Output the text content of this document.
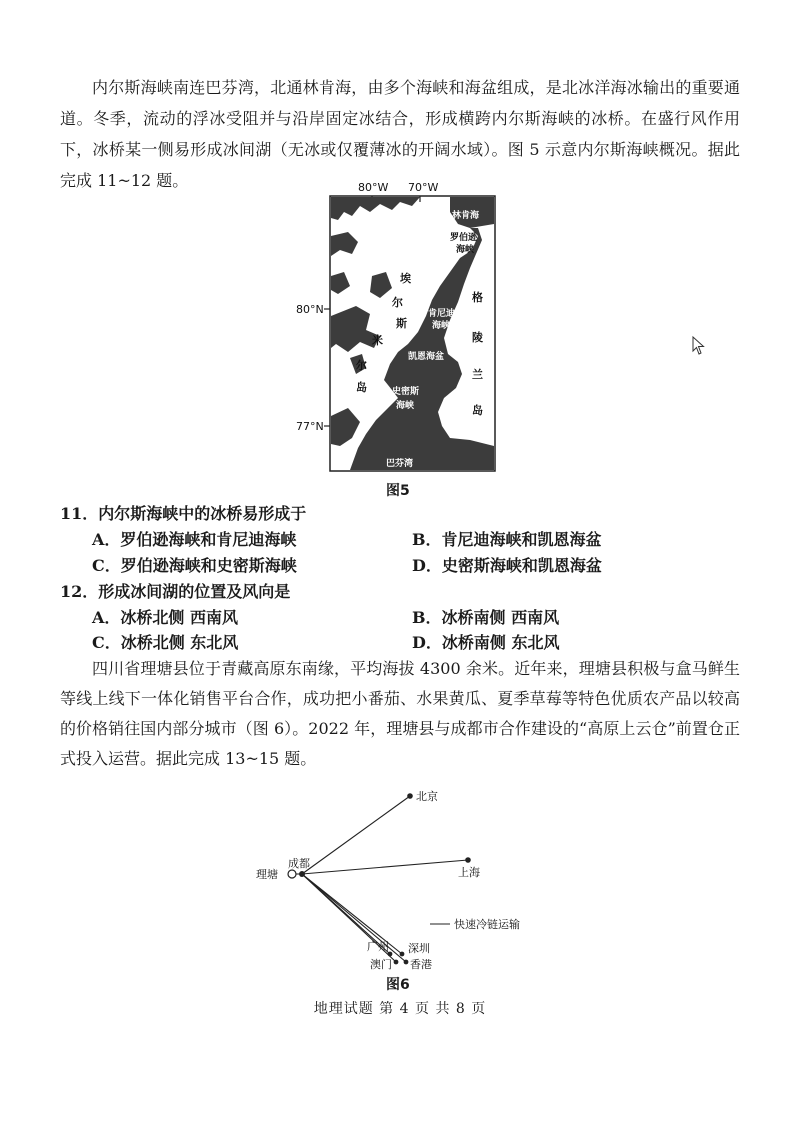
内尔斯海峡南连巴芬湾，北通林肯海，由多个海峡和海盆组成，是北冰洋海冰输出的重要通道。冬季，流动的浮冰受阻并与沿岸固定冰结合，形成横跨内尔斯海峡的冰桥。在盛行风作用下，冰桥某一侧易形成冰间湖（无冰或仅覆薄冰的开阔水域）。图 5 示意内尔斯海峡概况。据此完成 11~12 题。	80°W 70°W
80°N
77°N
林肯海
罗伯逊
海峡
埃
尔
斯
米
尔
岛
肯尼迪
海峡
凯恩海盆
史密斯
海峡
格
陵
兰
岛
巴芬湾
图5
11．内尔斯海峡中的冰桥易形成于
A．罗伯逊海峡和肯尼迪海峡	B．肯尼迪海峡和凯恩海盆
C．罗伯逊海峡和史密斯海峡	D．史密斯海峡和凯恩海盆
12．形成冰间湖的位置及风向是
A．冰桥北侧 西南风	B．冰桥南侧 西南风
C．冰桥北侧 东北风	D．冰桥南侧 东北风

四川省理塘县位于青藏高原东南缘，平均海拔 4300 余米。近年来，理塘县积极与盒马鲜生等线上线下一体化销售平台合作，成功把小番茄、水果黄瓜、夏季草莓等特色优质农产品以较高的价格销往国内部分城市（图 6）。2022 年，理塘县与成都市合作建设的“高原上云仓”前置仓正式投入运营。据此完成 13~15 题。

北京
成都
理塘	上海
广州 深圳
澳门 香港
快速冷链运输
图6
地理试题 第 4 页 共 8 页
